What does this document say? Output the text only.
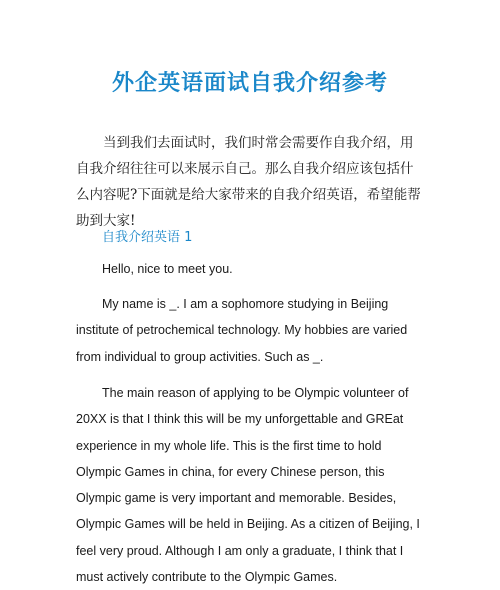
外企英语面试自我介绍参考
当到我们去面试时，我们时常会需要作自我介绍，用自我介绍往往可以来展示自己。那么自我介绍应该包括什么内容呢?下面就是给大家带来的自我介绍英语，希望能帮助到大家!
自我介绍英语 1
Hello, nice to meet you.
My name is _. I am a sophomore studying in Beijing institute of petrochemical technology. My hobbies are varied from individual to group activities. Such as _.
The main reason of applying to be Olympic volunteer of 20XX is that I think this will be my unforgettable and GREat experience in my whole life. This is the first time to hold Olympic Games in china, for every Chinese person, this Olympic game is very important and memorable. Besides, Olympic Games will be held in Beijing. As a citizen of Beijing, I feel very proud. Although I am only a graduate, I think that I must actively contribute to the Olympic Games.
